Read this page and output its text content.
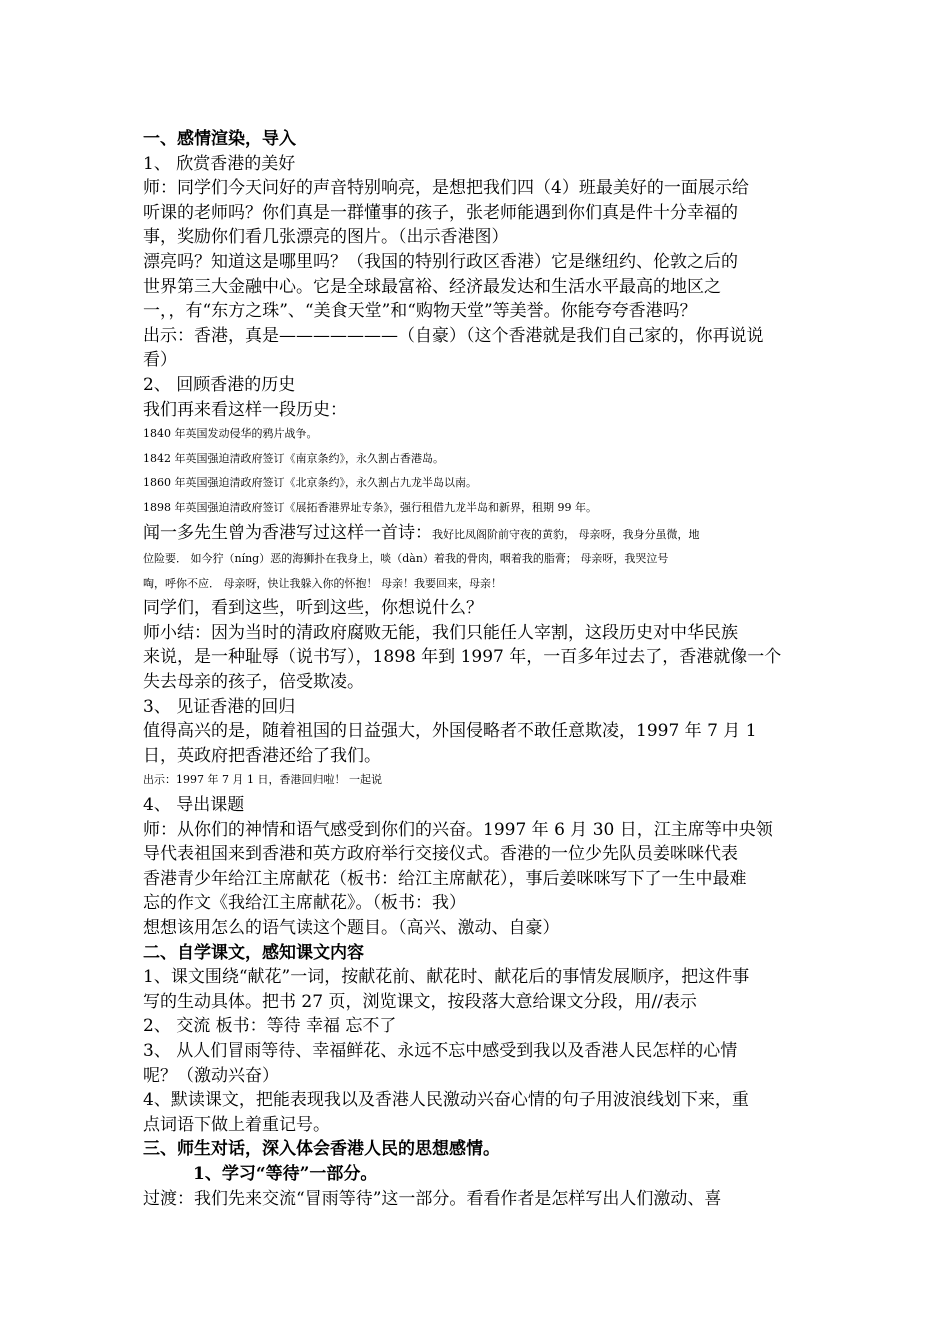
一、感情渲染，导入
1、 欣赏香港的美好
师：同学们今天问好的声音特别响亮，是想把我们四（4）班最美好的一面展示给
听课的老师吗？你们真是一群懂事的孩子，张老师能遇到你们真是件十分幸福的
事，奖励你们看几张漂亮的图片。（出示香港图）
漂亮吗？知道这是哪里吗？（我国的特别行政区香港）它是继纽约、伦敦之后的
世界第三大金融中心。它是全球最富裕、经济最发达和生活水平最高的地区之
一，，有“东方之珠”、“美食天堂”和“购物天堂”等美誉。你能夸夸香港吗？
出示：香港，真是———————（自豪）（这个香港就是我们自己家的，你再说说
看）
2、 回顾香港的历史
我们再来看这样一段历史：
1840 年英国发动侵华的鸦片战争。
1842 年英国强迫清政府签订《南京条约》，永久割占香港岛。
1860 年英国强迫清政府签订《北京条约》，永久割占九龙半岛以南。
1898 年英国强迫清政府签订《展拓香港界址专条》，强行租借九龙半岛和新界，租期 99 年。
闻一多先生曾为香港写过这样一首诗：我好比凤阁阶前守夜的黄豹， 母亲呀，我身分虽微，地
位险要． 如今狞（níng）恶的海狮扑在我身上，啖（dàn）着我的骨肉，咽着我的脂膏； 母亲呀，我哭泣号
啕，呼你不应． 母亲呀，快让我躲入你的怀抱！ 母亲！我要回来，母亲！
同学们，看到这些，听到这些，你想说什么？
师小结：因为当时的清政府腐败无能，我们只能任人宰割，这段历史对中华民族
来说，是一种耻辱（说书写），1898 年到 1997 年，一百多年过去了，香港就像一个
失去母亲的孩子，倍受欺凌。
3、 见证香港的回归
值得高兴的是，随着祖国的日益强大，外国侵略者不敢任意欺凌，1997 年 7 月 1
日，英政府把香港还给了我们。
出示：1997 年 7 月 1 日，香港回归啦！ 一起说
4、 导出课题
师：从你们的神情和语气感受到你们的兴奋。1997 年 6 月 30 日，江主席等中央领
导代表祖国来到香港和英方政府举行交接仪式。香港的一位少先队员姜咪咪代表
香港青少年给江主席献花（板书：给江主席献花），事后姜咪咪写下了一生中最难
忘的作文《我给江主席献花》。（板书：我）
想想该用怎么的语气读这个题目。（高兴、激动、自豪）
二、自学课文，感知课文内容
1、课文围绕“献花”一词，按献花前、献花时、献花后的事情发展顺序，把这件事
写的生动具体。把书 27 页，浏览课文，按段落大意给课文分段，用//表示
2、 交流 板书：等待 幸福 忘不了
3、 从人们冒雨等待、幸福鲜花、永远不忘中感受到我以及香港人民怎样的心情
呢？（激动兴奋）
4、默读课文，把能表现我以及香港人民激动兴奋心情的句子用波浪线划下来，重
点词语下做上着重记号。
三、师生对话，深入体会香港人民的思想感情。
1、学习“等待”一部分。
过渡：我们先来交流“冒雨等待”这一部分。看看作者是怎样写出人们激动、喜
